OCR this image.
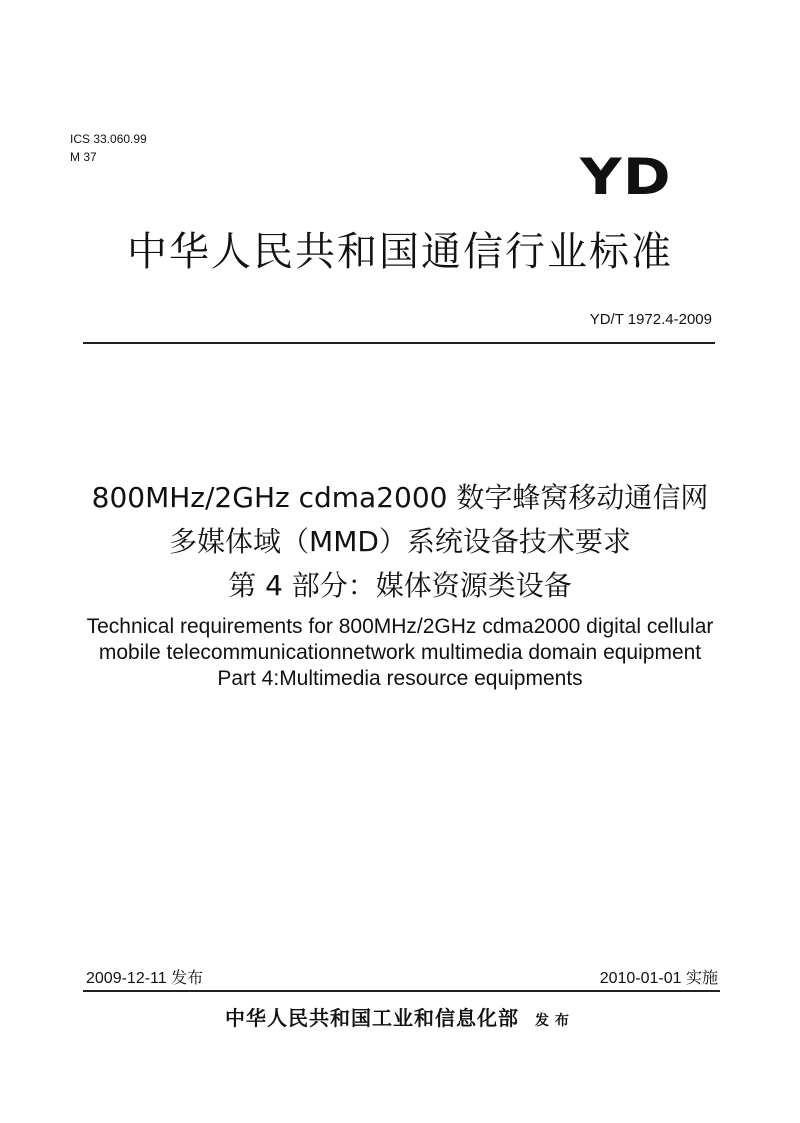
ICS 33.060.99
M 37	YD
中华人民共和国通信行业标准
YD/T 1972.4-2009
800MHz/2GHz cdma2000 数字蜂窝移动通信网
多媒体域（MMD）系统设备技术要求
第 4 部分：媒体资源类设备
Technical requirements for 800MHz/2GHz cdma2000 digital cellular
mobile telecommunicationnetwork multimedia domain equipment
Part 4:Multimedia resource equipments
2009-12-11 发布	2010-01-01 实施
中华人民共和国工业和信息化部 发布
